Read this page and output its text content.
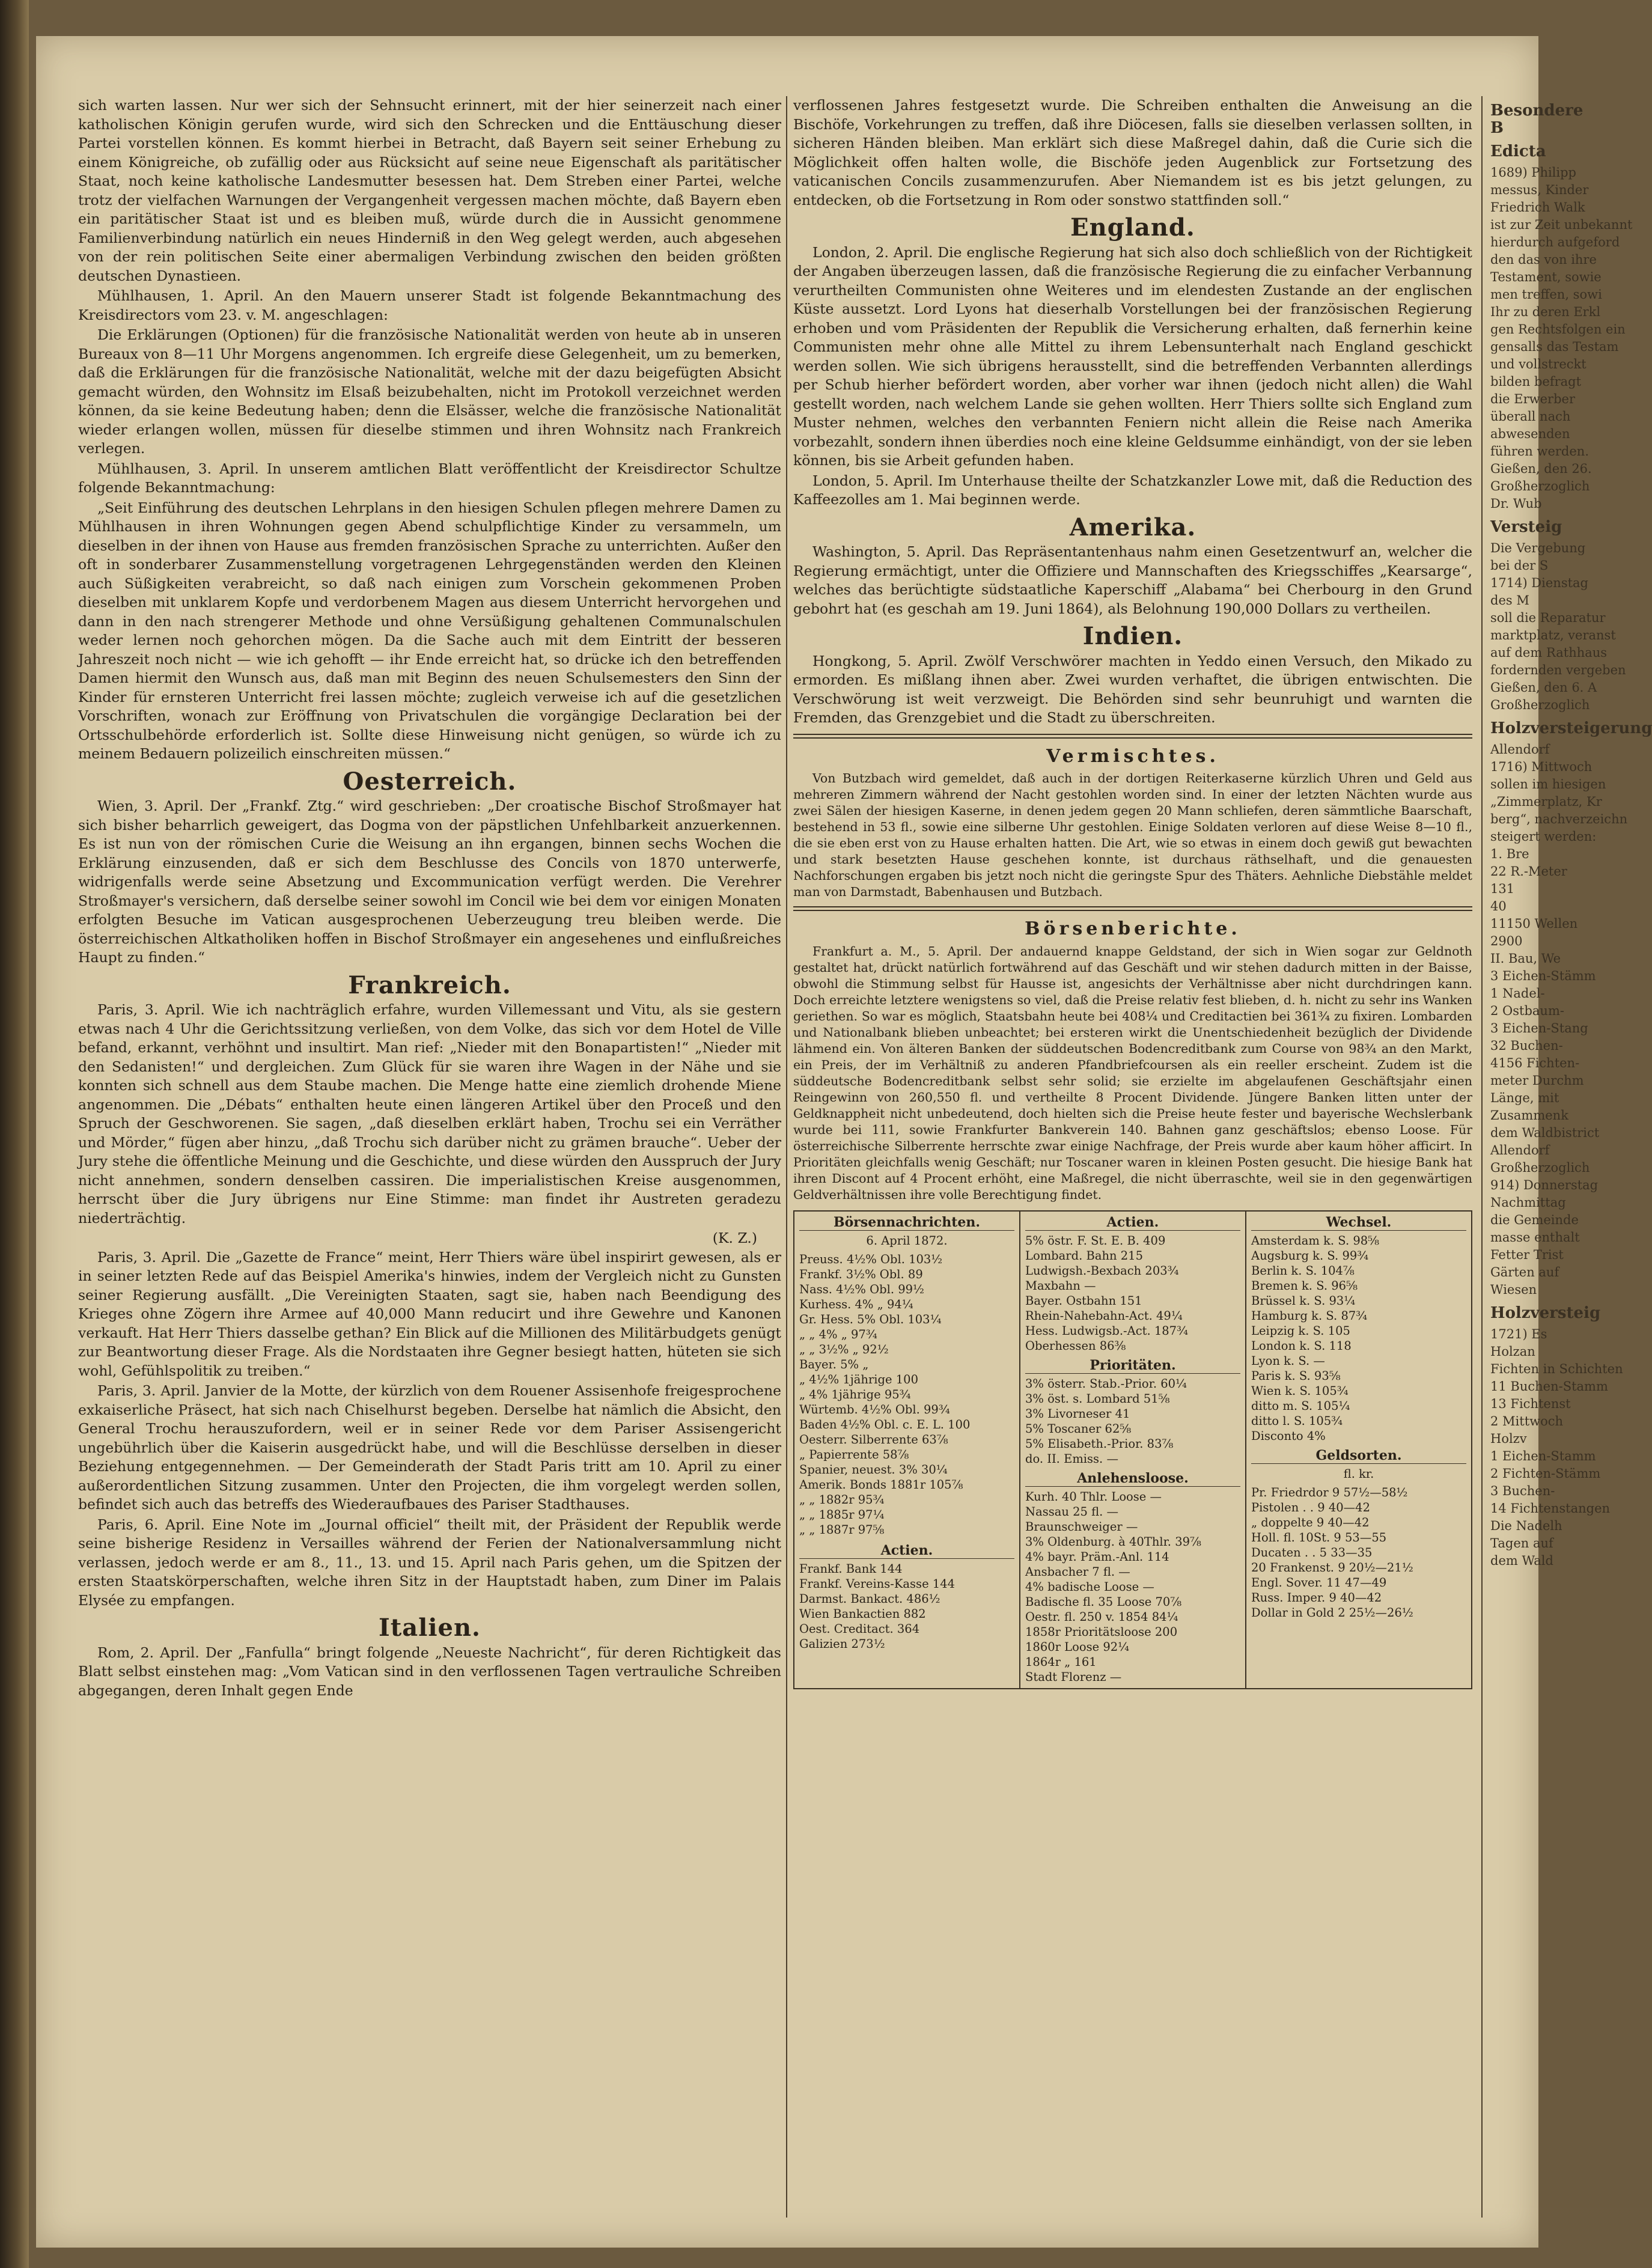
sich warten lassen. Nur wer sich der Sehnsucht erinnert, mit der hier seinerzeit nach einer katholischen Königin gerufen wurde, wird sich den Schrecken und die Enttäuschung dieser Partei vorstellen können. Es kommt hierbei in Betracht, daß Bayern seit seiner Erhebung zu einem Königreiche, ob zufällig oder aus Rücksicht auf seine neue Eigenschaft als paritätischer Staat, noch keine katholische Landesmutter besessen hat. Dem Streben einer Partei, welche trotz der vielfachen Warnungen der Vergangenheit vergessen machen möchte, daß Bayern eben ein paritätischer Staat ist und es bleiben muß, würde durch die in Aussicht genommene Familienverbindung natürlich ein neues Hinderniß in den Weg gelegt werden, auch abgesehen von der rein politischen Seite einer abermaligen Verbindung zwischen den beiden größten deutschen Dynastieen.

Mühlhausen, 1. April. An den Mauern unserer Stadt ist folgende Bekanntmachung des Kreisdirectors vom 23. v. M. angeschlagen:

Die Erklärungen (Optionen) für die französische Nationalität werden von heute ab in unseren Bureaux von 8—11 Uhr Morgens angenommen. Ich ergreife diese Gelegenheit, um zu bemerken, daß die Erklärungen für die französische Nationalität, welche mit der dazu beigefügten Absicht gemacht würden, den Wohnsitz im Elsaß beizubehalten, nicht im Protokoll verzeichnet werden können, da sie keine Bedeutung haben; denn die Elsässer, welche die französische Nationalität wieder erlangen wollen, müssen für dieselbe stimmen und ihren Wohnsitz nach Frankreich verlegen.

Mühlhausen, 3. April. In unserem amtlichen Blatt veröffentlicht der Kreisdirector Schultze folgende Bekanntmachung:

„Seit Einführung des deutschen Lehrplans in den hiesigen Schulen pflegen mehrere Damen zu Mühlhausen in ihren Wohnungen gegen Abend schulpflichtige Kinder zu versammeln, um dieselben in der ihnen von Hause aus fremden französischen Sprache zu unterrichten. Außer den oft in sonderbarer Zusammenstellung vorgetragenen Lehrgegenständen werden den Kleinen auch Süßigkeiten verabreicht, so daß nach einigen zum Vorschein gekommenen Proben dieselben mit unklarem Kopfe und verdorbenem Magen aus diesem Unterricht hervorgehen und dann in den nach strengerer Methode und ohne Versüßigung gehaltenen Communalschulen weder lernen noch gehorchen mögen. Da die Sache auch mit dem Eintritt der besseren Jahreszeit noch nicht — wie ich gehofft — ihr Ende erreicht hat, so drücke ich den betreffenden Damen hiermit den Wunsch aus, daß man mit Beginn des neuen Schulsemesters den Sinn der Kinder für ernsteren Unterricht frei lassen möchte; zugleich verweise ich auf die gesetzlichen Vorschriften, wonach zur Eröffnung von Privatschulen die vorgängige Declaration bei der Ortsschulbehörde erforderlich ist. Sollte diese Hinweisung nicht genügen, so würde ich zu meinem Bedauern polizeilich einschreiten müssen.“

Oesterreich.

Wien, 3. April. Der „Frankf. Ztg.“ wird geschrieben: „Der croatische Bischof Stroßmayer hat sich bisher beharrlich geweigert, das Dogma von der päpstlichen Unfehlbarkeit anzuerkennen. Es ist nun von der römischen Curie die Weisung an ihn ergangen, binnen sechs Wochen die Erklärung einzusenden, daß er sich dem Beschlusse des Concils von 1870 unterwerfe, widrigenfalls werde seine Absetzung und Excommunication verfügt werden. Die Verehrer Stroßmayer's versichern, daß derselbe seiner sowohl im Concil wie bei dem vor einigen Monaten erfolgten Besuche im Vatican ausgesprochenen Ueberzeugung treu bleiben werde. Die österreichischen Altkatholiken hoffen in Bischof Stroßmayer ein angesehenes und einflußreiches Haupt zu finden.“

Frankreich.

Paris, 3. April. Wie ich nachträglich erfahre, wurden Villemessant und Vitu, als sie gestern etwas nach 4 Uhr die Gerichtssitzung verließen, von dem Volke, das sich vor dem Hotel de Ville befand, erkannt, verhöhnt und insultirt. Man rief: „Nieder mit den Bonapartisten!“ „Nieder mit den Sedanisten!“ und dergleichen. Zum Glück für sie waren ihre Wagen in der Nähe und sie konnten sich schnell aus dem Staube machen. Die Menge hatte eine ziemlich drohende Miene angenommen. Die „Débats“ enthalten heute einen längeren Artikel über den Proceß und den Spruch der Geschworenen. Sie sagen, „daß dieselben erklärt haben, Trochu sei ein Verräther und Mörder,“ fügen aber hinzu, „daß Trochu sich darüber nicht zu grämen brauche“. Ueber der Jury stehe die öffentliche Meinung und die Geschichte, und diese würden den Ausspruch der Jury nicht annehmen, sondern denselben cassiren. Die imperialistischen Kreise ausgenommen, herrscht über die Jury übrigens nur Eine Stimme: man findet ihr Austreten geradezu niederträchtig.

(K. Z.)

Paris, 3. April. Die „Gazette de France“ meint, Herr Thiers wäre übel inspirirt gewesen, als er in seiner letzten Rede auf das Beispiel Amerika's hinwies, indem der Vergleich nicht zu Gunsten seiner Regierung ausfällt. „Die Vereinigten Staaten, sagt sie, haben nach Beendigung des Krieges ohne Zögern ihre Armee auf 40,000 Mann reducirt und ihre Gewehre und Kanonen verkauft. Hat Herr Thiers dasselbe gethan? Ein Blick auf die Millionen des Militärbudgets genügt zur Beantwortung dieser Frage. Als die Nordstaaten ihre Gegner besiegt hatten, hüteten sie sich wohl, Gefühlspolitik zu treiben.“

Paris, 3. April. Janvier de la Motte, der kürzlich von dem Rouener Assisenhofe freigesprochene exkaiserliche Präsect, hat sich nach Chiselhurst begeben. Derselbe hat nämlich die Absicht, den General Trochu herauszufordern, weil er in seiner Rede vor dem Pariser Assisengericht ungebührlich über die Kaiserin ausgedrückt habe, und will die Beschlüsse derselben in dieser Beziehung entgegennehmen. — Der Gemeinderath der Stadt Paris tritt am 10. April zu einer außerordentlichen Sitzung zusammen. Unter den Projecten, die ihm vorgelegt werden sollen, befindet sich auch das betreffs des Wiederaufbaues des Pariser Stadthauses.

Paris, 6. April. Eine Note im „Journal officiel“ theilt mit, der Präsident der Republik werde seine bisherige Residenz in Versailles während der Ferien der Nationalversammlung nicht verlassen, jedoch werde er am 8., 11., 13. und 15. April nach Paris gehen, um die Spitzen der ersten Staatskörperschaften, welche ihren Sitz in der Hauptstadt haben, zum Diner im Palais Elysée zu empfangen.

Italien.

Rom, 2. April. Der „Fanfulla“ bringt folgende „Neueste Nachricht“, für deren Richtigkeit das Blatt selbst einstehen mag: „Vom Vatican sind in den verflossenen Tagen vertrauliche Schreiben abgegangen, deren Inhalt gegen Ende

verflossenen Jahres festgesetzt wurde. Die Schreiben enthalten die Anweisung an die Bischöfe, Vorkehrungen zu treffen, daß ihre Diöcesen, falls sie dieselben verlassen sollten, in sicheren Händen bleiben. Man erklärt sich diese Maßregel dahin, daß die Curie sich die Möglichkeit offen halten wolle, die Bischöfe jeden Augenblick zur Fortsetzung des vaticanischen Concils zusammenzurufen. Aber Niemandem ist es bis jetzt gelungen, zu entdecken, ob die Fortsetzung in Rom oder sonstwo stattfinden soll.“

England.

London, 2. April. Die englische Regierung hat sich also doch schließlich von der Richtigkeit der Angaben überzeugen lassen, daß die französische Regierung die zu einfacher Verbannung verurtheilten Communisten ohne Weiteres und im elendesten Zustande an der englischen Küste aussetzt. Lord Lyons hat dieserhalb Vorstellungen bei der französischen Regierung erhoben und vom Präsidenten der Republik die Versicherung erhalten, daß fernerhin keine Communisten mehr ohne alle Mittel zu ihrem Lebensunterhalt nach England geschickt werden sollen. Wie sich übrigens herausstellt, sind die betreffenden Verbannten allerdings per Schub hierher befördert worden, aber vorher war ihnen (jedoch nicht allen) die Wahl gestellt worden, nach welchem Lande sie gehen wollten. Herr Thiers sollte sich England zum Muster nehmen, welches den verbannten Feniern nicht allein die Reise nach Amerika vorbezahlt, sondern ihnen überdies noch eine kleine Geldsumme einhändigt, von der sie leben können, bis sie Arbeit gefunden haben.

London, 5. April. Im Unterhause theilte der Schatzkanzler Lowe mit, daß die Reduction des Kaffeezolles am 1. Mai beginnen werde.

Amerika.

Washington, 5. April. Das Repräsentantenhaus nahm einen Gesetzentwurf an, welcher die Regierung ermächtigt, unter die Offiziere und Mannschaften des Kriegsschiffes „Kearsarge“, welches das berüchtigte südstaatliche Kaperschiff „Alabama“ bei Cherbourg in den Grund gebohrt hat (es geschah am 19. Juni 1864), als Belohnung 190,000 Dollars zu vertheilen.

Indien.

Hongkong, 5. April. Zwölf Verschwörer machten in Yeddo einen Versuch, den Mikado zu ermorden. Es mißlang ihnen aber. Zwei wurden verhaftet, die übrigen entwischten. Die Verschwörung ist weit verzweigt. Die Behörden sind sehr beunruhigt und warnten die Fremden, das Grenzgebiet und die Stadt zu überschreiten.

Vermischtes.

Von Butzbach wird gemeldet, daß auch in der dortigen Reiterkaserne kürzlich Uhren und Geld aus mehreren Zimmern während der Nacht gestohlen worden sind. In einer der letzten Nächten wurde aus zwei Sälen der hiesigen Kaserne, in denen jedem gegen 20 Mann schliefen, deren sämmtliche Baarschaft, bestehend in 53 fl., sowie eine silberne Uhr gestohlen. Einige Soldaten verloren auf diese Weise 8—10 fl., die sie eben erst von zu Hause erhalten hatten. Die Art, wie so etwas in einem doch gewiß gut bewachten und stark besetzten Hause geschehen konnte, ist durchaus räthselhaft, und die genauesten Nachforschungen ergaben bis jetzt noch nicht die geringste Spur des Thäters. Aehnliche Diebstähle meldet man von Darmstadt, Babenhausen und Butzbach.

Börsenberichte.

Frankfurt a. M., 5. April. Der andauernd knappe Geldstand, der sich in Wien sogar zur Geldnoth gestaltet hat, drückt natürlich fortwährend auf das Geschäft und wir stehen dadurch mitten in der Baisse, obwohl die Stimmung selbst für Hausse ist, angesichts der Verhältnisse aber nicht durchdringen kann. Doch erreichte letztere wenigstens so viel, daß die Preise relativ fest blieben, d. h. nicht zu sehr ins Wanken geriethen. So war es möglich, Staatsbahn heute bei 408¼ und Creditactien bei 361¾ zu fixiren. Lombarden und Nationalbank blieben unbeachtet; bei ersteren wirkt die Unentschiedenheit bezüglich der Dividende lähmend ein. Von älteren Banken der süddeutschen Bodencreditbank zum Course von 98¾ an den Markt, ein Preis, der im Verhältniß zu anderen Pfandbriefcoursen als ein reeller erscheint. Zudem ist die süddeutsche Bodencreditbank selbst sehr solid; sie erzielte im abgelaufenen Geschäftsjahr einen Reingewinn von 260,550 fl. und vertheilte 8 Procent Dividende. Jüngere Banken litten unter der Geldknappheit nicht unbedeutend, doch hielten sich die Preise heute fester und bayerische Wechslerbank wurde bei 111, sowie Frankfurter Bankverein 140. Bahnen ganz geschäftslos; ebenso Loose. Für österreichische Silberrente herrschte zwar einige Nachfrage, der Preis wurde aber kaum höher afficirt. In Prioritäten gleichfalls wenig Geschäft; nur Toscaner waren in kleinen Posten gesucht. Die hiesige Bank hat ihren Discont auf 4 Procent erhöht, eine Maßregel, die nicht überraschte, weil sie in den gegenwärtigen Geldverhältnissen ihre volle Berechtigung findet.

Börsennachrichten.
6. April 1872.
Preuss. 4½% Obl. 103½
Frankf. 3½% Obl. 89
Nass. 4½% Obl. 99½
Kurhess. 4% „ 94¼
Gr. Hess. 5% Obl. 103¼
„ „ 4% „ 97¾
„ „ 3½% „ 92½
Bayer. 5% „
„ 4½% 1jährige 100
„ 4% 1jährige 95¾
Würtemb. 4½% Obl. 99¾
Baden 4½% Obl. c. E. L. 100
Oesterr. Silberrente 63⅞
„ Papierrente 58⅞
Spanier, neuest. 3% 30¼
Amerik. Bonds 1881r 105⅞
„ „ 1882r 95¾
„ „ 1885r 97¼
„ „ 1887r 97⅝
Actien.
Frankf. Bank 144
Frankf. Vereins-Kasse 144
Darmst. Bankact. 486½
Wien Bankactien 882
Oest. Creditact. 364
Galizien 273½
Actien.
5% östr. F. St. E. B. 409
Lombard. Bahn 215
Ludwigsh.-Bexbach 203¾
Maxbahn —
Bayer. Ostbahn 151
Rhein-Nahebahn-Act. 49¼
Hess. Ludwigsb.-Act. 187¾
Oberhessen 86⅜
Prioritäten.
3% österr. Stab.-Prior. 60¼
3% öst. s. Lombard 51⅝
3% Livorneser 41
5% Toscaner 62⅝
5% Elisabeth.-Prior. 83⅞
do. II. Emiss. —
Anlehensloose.
Kurh. 40 Thlr. Loose —
Nassau 25 fl. —
Braunschweiger —
3% Oldenburg. à 40Thlr. 39⅞
4% bayr. Präm.-Anl. 114
Ansbacher 7 fl. —
4% badische Loose —
Badische fl. 35 Loose 70⅞
Oestr. fl. 250 v. 1854 84¼
1858r Prioritätsloose 200
1860r Loose 92¼
1864r „ 161
Stadt Florenz —
Wechsel.
Amsterdam k. S. 98⅝
Augsburg k. S. 99¾
Berlin k. S. 104⅞
Bremen k. S. 96⅝
Brüssel k. S. 93¼
Hamburg k. S. 87¾
Leipzig k. S. 105
London k. S. 118
Lyon k. S. —
Paris k. S. 93⅝
Wien k. S. 105¾
ditto m. S. 105¼
ditto l. S. 105¾
Disconto 4%
Geldsorten.
fl. kr.
Pr. Friedrdor 9 57½—58½
Pistolen . . 9 40—42
„ doppelte 9 40—42
Holl. fl. 10St. 9 53—55
Ducaten . . 5 33—35
20 Frankenst. 9 20½—21½
Engl. Sover. 11 47—49
Russ. Imper. 9 40—42
Dollar in Gold 2 25½—26½
Besondere B
Edicta
1689) Philipp
messus, Kinder
Friedrich Walk
ist zur Zeit unbekannt
hierdurch aufgeford
den das von ihre
Testament, sowie
men treffen, sowi
Ihr zu deren Erkl
gen Rechtsfolgen ein
gensalls das Testam
und vollstreckt
bilden befragt
die Erwerber
überall nach
abwesenden
führen werden.
Gießen, den 26.
Großherzoglich
Dr. Wub
Versteig
Die Vergebung
bei der S
1714) Dienstag
des M
soll die Reparatur
marktplatz, veranst
auf dem Rathhaus
fordernden vergeben
Gießen, den 6. A
Großherzoglich
Holzversteigerung
Allendorf
1716) Mittwoch
sollen im hiesigen
„Zimmerplatz, Kr
berg“, nachverzeichn
steigert werden:
1. Bre
22 R.-Meter
131
40
11150 Wellen
2900
II. Bau, We
3 Eichen-Stämm
1 Nadel-
2 Ostbaum-
3 Eichen-Stang
32 Buchen-
4156 Fichten-
meter Durchm
Länge, mit
Zusammenk
dem Waldbistrict
Allendorf
Großherzoglich
914) Donnerstag
Nachmittag
die Gemeinde
masse enthalt
Fetter Trist
Gärten auf
Wiesen
Holzversteig
1721) Es
Holzan
Fichten in Schichten
11 Buchen-Stamm
13 Fichtenst
2 Mittwoch
Holzv
1 Eichen-Stamm
2 Fichten-Stämm
3 Buchen-
14 Fichtenstangen
Die Nadelh
Tagen auf
dem Wald
